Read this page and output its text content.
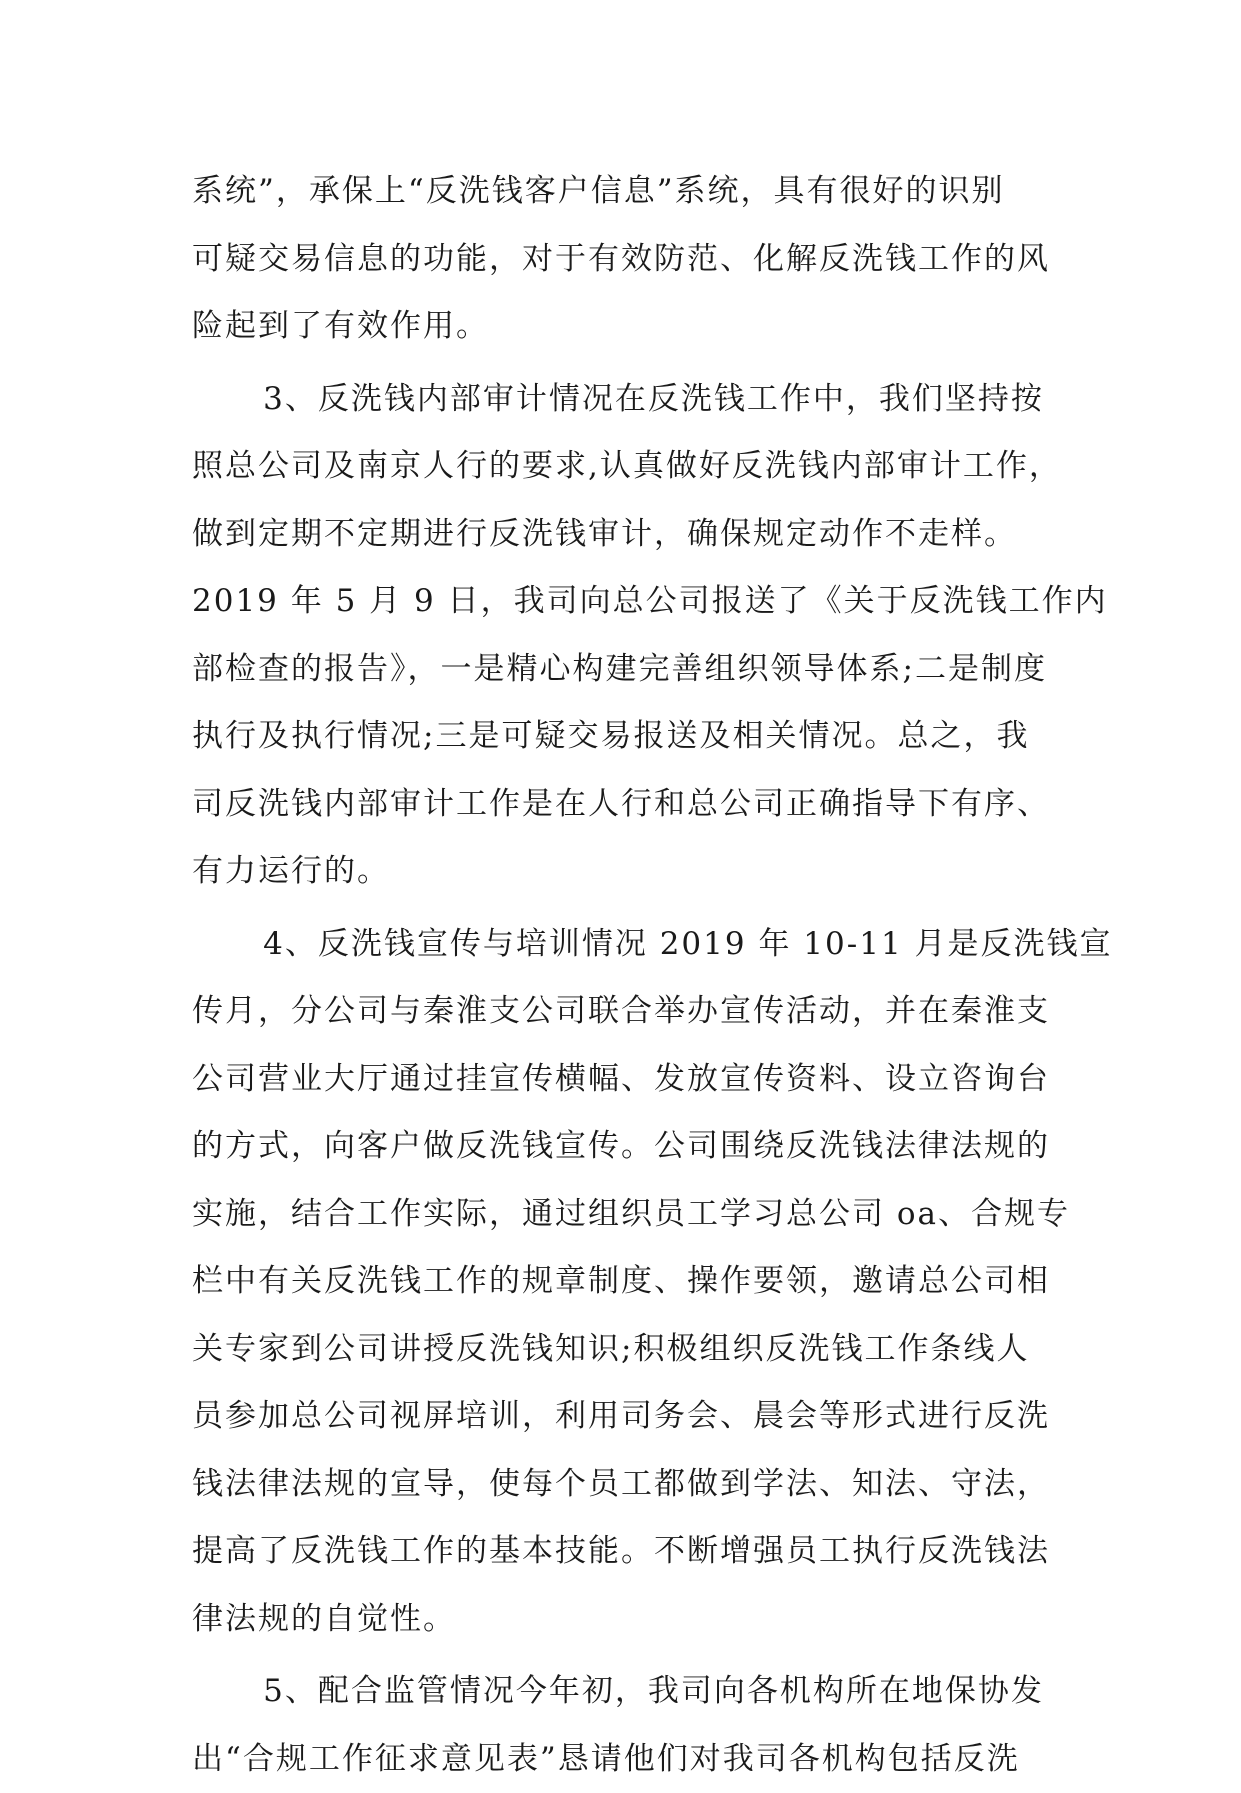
系统”，承保上“反洗钱客户信息”系统，具有很好的识别
可疑交易信息的功能，对于有效防范、化解反洗钱工作的风
险起到了有效作用。
3、反洗钱内部审计情况在反洗钱工作中，我们坚持按
照总公司及南京人行的要求,认真做好反洗钱内部审计工作，
做到定期不定期进行反洗钱审计，确保规定动作不走样。
2019 年 5 月 9 日，我司向总公司报送了《关于反洗钱工作内
部检查的报告》，一是精心构建完善组织领导体系;二是制度
执行及执行情况;三是可疑交易报送及相关情况。总之，我
司反洗钱内部审计工作是在人行和总公司正确指导下有序、
有力运行的。
4、反洗钱宣传与培训情况 2019 年 10-11 月是反洗钱宣
传月，分公司与秦淮支公司联合举办宣传活动，并在秦淮支
公司营业大厅通过挂宣传横幅、发放宣传资料、设立咨询台
的方式，向客户做反洗钱宣传。公司围绕反洗钱法律法规的
实施，结合工作实际，通过组织员工学习总公司 oa、合规专
栏中有关反洗钱工作的规章制度、操作要领，邀请总公司相
关专家到公司讲授反洗钱知识;积极组织反洗钱工作条线人
员参加总公司视屏培训，利用司务会、晨会等形式进行反洗
钱法律法规的宣导，使每个员工都做到学法、知法、守法，
提高了反洗钱工作的基本技能。不断增强员工执行反洗钱法
律法规的自觉性。
5、配合监管情况今年初，我司向各机构所在地保协发
出“合规工作征求意见表”恳请他们对我司各机构包括反洗
